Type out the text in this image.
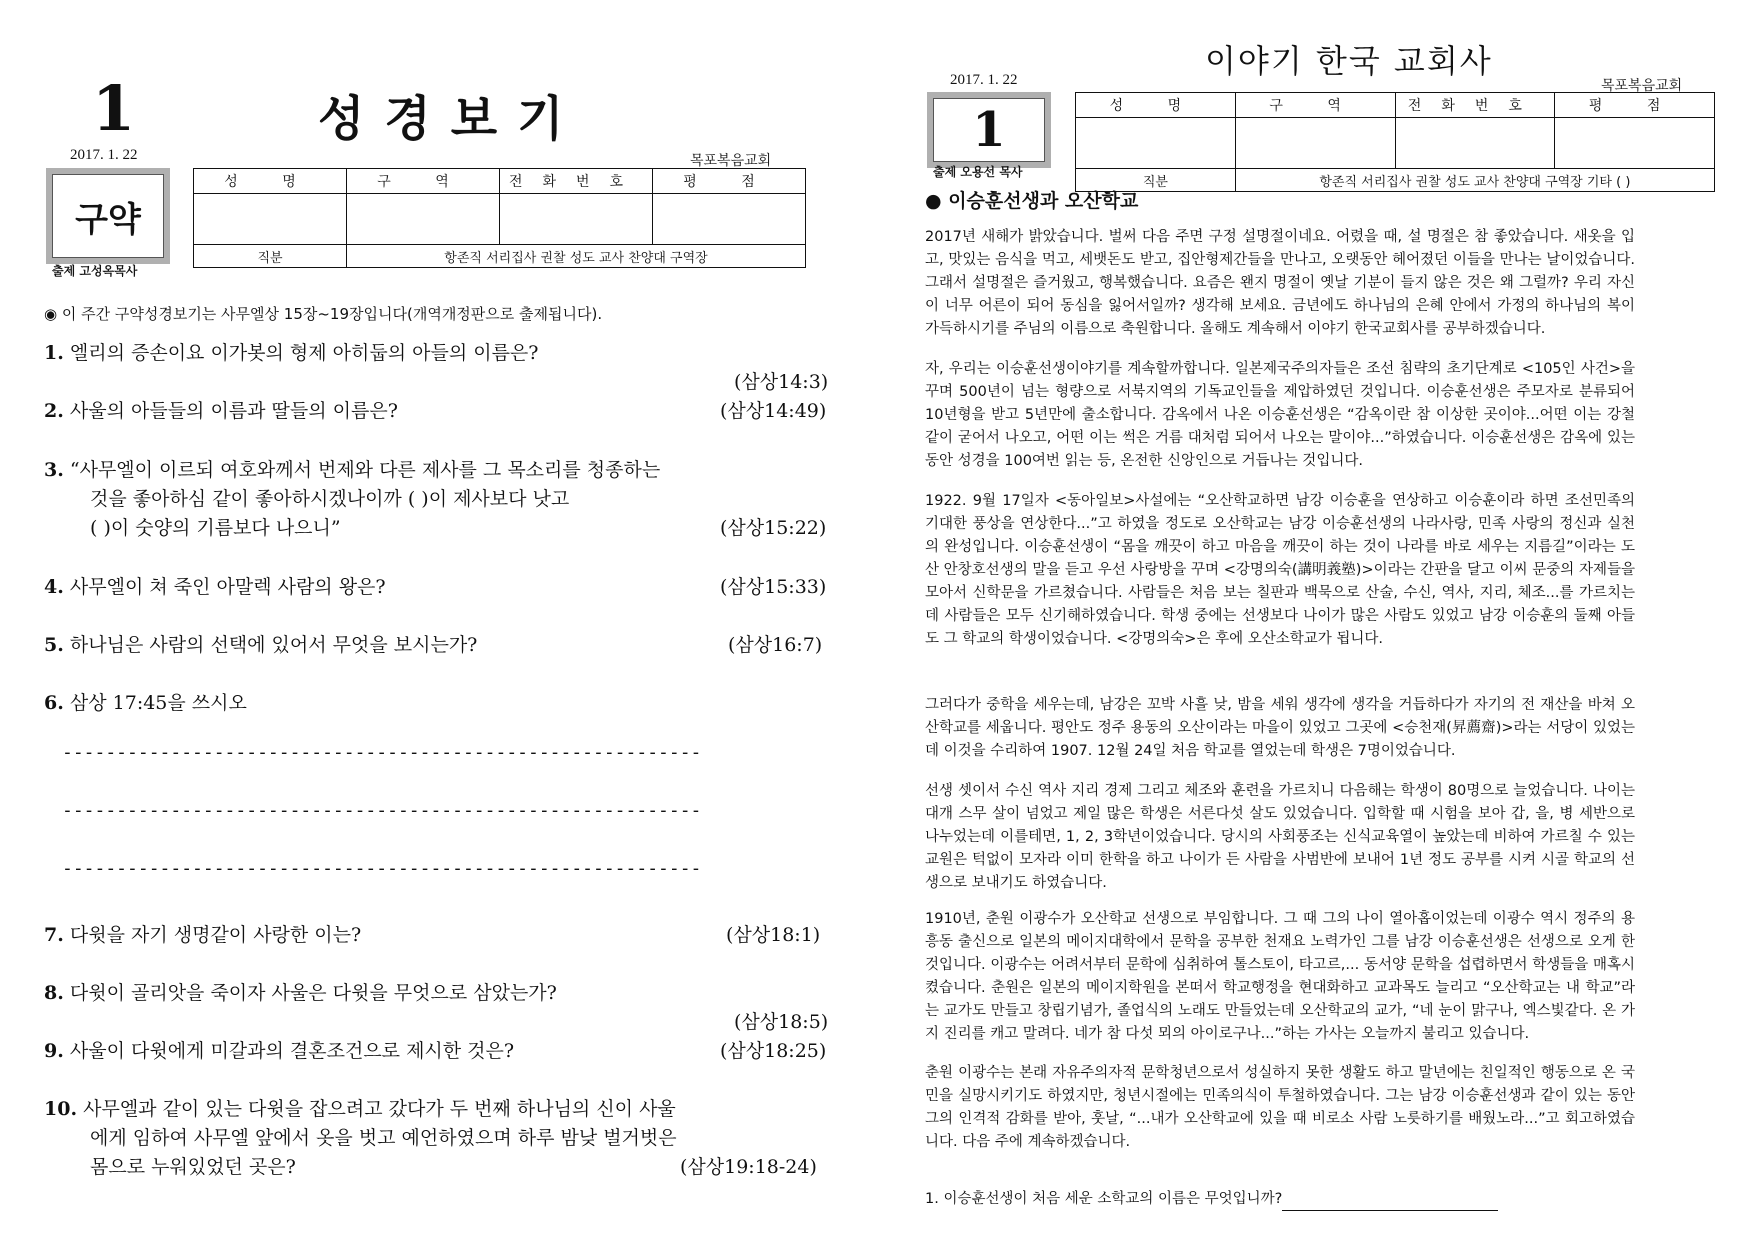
1	성경보기
2017. 1. 22	목포복음교회
구약
출제 고성옥목사
성 명	구 역	전화번호	평 점

직분	항존직 서리집사 권찰 성도 교사 찬양대 구역장		
◉ 이 주간 구약성경보기는 사무엘상 15장~19장입니다(개역개정판으로 출제됩니다).
1. 엘리의 증손이요 이가봇의 형제 아히둡의 아들의 이름은?
(삼상14:3)
2. 사울의 아들들의 이름과 딸들의 이름은?	(삼상14:49)
3. “사무엘이 이르되 여호와께서 번제와 다른 제사를 그 목소리를 청종하는
것을 좋아하심 같이 좋아하시겠나이까 ( )이 제사보다 낫고
( )이 숫양의 기름보다 나으니”	(삼상15:22)
4. 사무엘이 쳐 죽인 아말렉 사람의 왕은?	(삼상15:33)
5. 하나님은 사람의 선택에 있어서 무엇을 보시는가?	(삼상16:7)
6. 삼상 17:45을 쓰시오
-----------------------------------------------------------
-----------------------------------------------------------
-----------------------------------------------------------
7. 다윗을 자기 생명같이 사랑한 이는?	(삼상18:1)
8. 다윗이 골리앗을 죽이자 사울은 다윗을 무엇으로 삼았는가?
(삼상18:5)
9. 사울이 다윗에게 미갈과의 결혼조건으로 제시한 것은?	(삼상18:25)
10. 사무엘과 같이 있는 다윗을 잡으려고 갔다가 두 번째 하나님의 신이 사울
에게 임하여 사무엘 앞에서 옷을 벗고 예언하였으며 하루 밤낮 벌거벗은
몸으로 누워있었던 곳은?	(삼상19:18-24)
이야기 한국 교회사
2017. 1. 22	목포복음교회
1
출제 오용선 목사
성 명	구 역	전화번호	평 점

직분	항존직 서리집사 권찰 성도 교사 찬양대 구역장 기타 ( )		
● 이승훈선생과 오산학교
2017년 새해가 밝았습니다. 벌써 다음 주면 구정 설명절이네요. 어렸을 때, 설 명절은 참 좋았습니다. 새옷을 입고, 맛있는 음식을 먹고, 세뱃돈도 받고, 집안형제간들을 만나고, 오랫동안 헤어졌던 이들을 만나는 날이었습니다. 그래서 설명절은 즐거웠고, 행복했습니다. 요즘은 왠지 명절이 옛날 기분이 들지 않은 것은 왜 그럴까? 우리 자신이 너무 어른이 되어 동심을 잃어서일까? 생각해 보세요. 금년에도 하나님의 은혜 안에서 가정의 하나님의 복이 가득하시기를 주님의 이름으로 축원합니다. 올해도 계속해서 이야기 한국교회사를 공부하겠습니다.
자, 우리는 이승훈선생이야기를 계속할까합니다. 일본제국주의자들은 조선 침략의 초기단계로 <105인 사건>을 꾸며 500년이 넘는 형량으로 서북지역의 기독교인들을 제압하였던 것입니다. 이승훈선생은 주모자로 분류되어 10년형을 받고 5년만에 출소합니다. 감옥에서 나온 이승훈선생은 “감옥이란 참 이상한 곳이야...어떤 이는 강철같이 굳어서 나오고, 어떤 이는 썩은 거름 대처럼 되어서 나오는 말이야...”하였습니다. 이승훈선생은 감옥에 있는 동안 성경을 100여번 읽는 등, 온전한 신앙인으로 거듭나는 것입니다.
1922. 9월 17일자 <동아일보>사설에는 “오산학교하면 남강 이승훈을 연상하고 이승훈이라 하면 조선민족의 기대한 풍상을 연상한다...”고 하였을 정도로 오산학교는 남강 이승훈선생의 나라사랑, 민족 사랑의 정신과 실천의 완성입니다. 이승훈선생이 “몸을 깨끗이 하고 마음을 깨끗이 하는 것이 나라를 바로 세우는 지름길”이라는 도산 안창호선생의 말을 듣고 우선 사랑방을 꾸며 <강명의숙(講明義塾)>이라는 간판을 달고 이씨 문중의 자제들을 모아서 신학문을 가르쳤습니다. 사람들은 처음 보는 칠판과 백묵으로 산술, 수신, 역사, 지리, 체조...를 가르치는데 사람들은 모두 신기해하였습니다. 학생 중에는 선생보다 나이가 많은 사람도 있었고 남강 이승훈의 둘째 아들도 그 학교의 학생이었습니다. <강명의숙>은 후에 오산소학교가 됩니다.
그러다가 중학을 세우는데, 남강은 꼬박 사흘 낮, 밤을 세워 생각에 생각을 거듭하다가 자기의 전 재산을 바쳐 오산학교를 세웁니다. 평안도 정주 용동의 오산이라는 마을이 있었고 그곳에 <승천재(昇薦齋)>라는 서당이 있었는데 이것을 수리하여 1907. 12월 24일 처음 학교를 열었는데 학생은 7명이었습니다.
선생 셋이서 수신 역사 지리 경제 그리고 체조와 훈련을 가르치니 다음해는 학생이 80명으로 늘었습니다. 나이는 대개 스무 살이 넘었고 제일 많은 학생은 서른다섯 살도 있었습니다. 입학할 때 시험을 보아 갑, 을, 병 세반으로 나누었는데 이를테면, 1, 2, 3학년이었습니다. 당시의 사회풍조는 신식교육열이 높았는데 비하여 가르칠 수 있는 교원은 턱없이 모자라 이미 한학을 하고 나이가 든 사람을 사범반에 보내어 1년 정도 공부를 시켜 시골 학교의 선생으로 보내기도 하였습니다.
1910년, 춘원 이광수가 오산학교 선생으로 부임합니다. 그 때 그의 나이 열아홉이었는데 이광수 역시 정주의 용흥동 출신으로 일본의 메이지대학에서 문학을 공부한 천재요 노력가인 그를 남강 이승훈선생은 선생으로 오게 한 것입니다. 이광수는 어려서부터 문학에 심취하여 톨스토이, 타고르,... 동서양 문학을 섭렵하면서 학생들을 매혹시켰습니다. 춘원은 일본의 메이지학원을 본떠서 학교행정을 현대화하고 교과목도 늘리고 “오산학교는 내 학교”라는 교가도 만들고 창립기념가, 졸업식의 노래도 만들었는데 오산학교의 교가, “네 눈이 맑구나, 엑스빛같다. 온 가지 진리를 캐고 말려다. 네가 참 다섯 뫼의 아이로구나...”하는 가사는 오늘까지 불리고 있습니다.
춘원 이광수는 본래 자유주의자적 문학청년으로서 성실하지 못한 생활도 하고 말년에는 친일적인 행동으로 온 국민을 실망시키기도 하였지만, 청년시절에는 민족의식이 투철하였습니다. 그는 남강 이승훈선생과 같이 있는 동안 그의 인격적 감화를 받아, 훗날, “...내가 오산학교에 있을 때 비로소 사람 노릇하기를 배웠노라...”고 회고하였습니다. 다음 주에 계속하겠습니다.
1. 이승훈선생이 처음 세운 소학교의 이름은 무엇입니까?
